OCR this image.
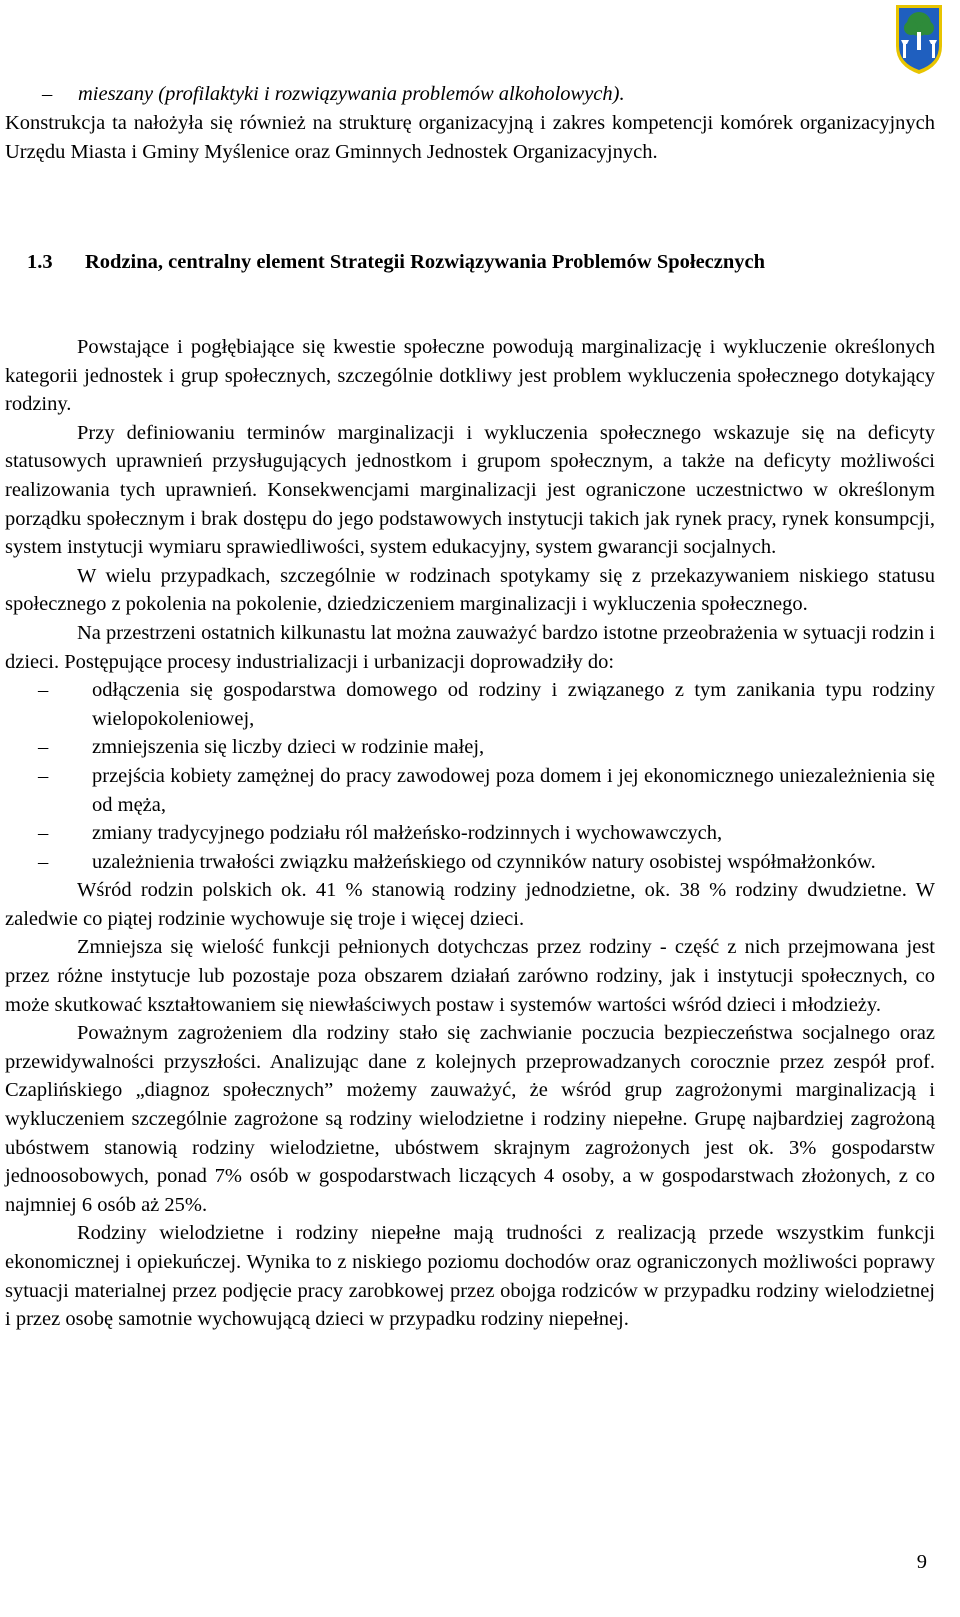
– mieszany (profilaktyki i rozwiązywania problemów alkoholowych).
Konstrukcja ta nałożyła się również na strukturę organizacyjną i zakres kompetencji komórek organizacyjnych Urzędu Miasta i Gminy Myślenice oraz Gminnych Jednostek Organizacyjnych.
1.3 Rodzina, centralny element Strategii Rozwiązywania Problemów Społecznych

Powstające i pogłębiające się kwestie społeczne powodują marginalizację i wykluczenie określonych kategorii jednostek i grup społecznych, szczególnie dotkliwy jest problem wykluczenia społecznego dotykający rodziny.

Przy definiowaniu terminów marginalizacji i wykluczenia społecznego wskazuje się na deficyty statusowych uprawnień przysługujących jednostkom i grupom społecznym, a także na deficyty możliwości realizowania tych uprawnień. Konsekwencjami marginalizacji jest ograniczone uczestnictwo w określonym porządku społecznym i brak dostępu do jego podstawowych instytucji takich jak rynek pracy, rynek konsumpcji, system instytucji wymiaru sprawiedliwości, system edukacyjny, system gwarancji socjalnych.

W wielu przypadkach, szczególnie w rodzinach spotykamy się z przekazywaniem niskiego statusu społecznego z pokolenia na pokolenie, dziedziczeniem marginalizacji i wykluczenia społecznego.

Na przestrzeni ostatnich kilkunastu lat można zauważyć bardzo istotne przeobrażenia w sytuacji rodzin i dzieci. Postępujące procesy industrializacji i urbanizacji doprowadziły do:

– odłączenia się gospodarstwa domowego od rodziny i związanego z tym zanikania typu rodziny wielopokoleniowej,
– zmniejszenia się liczby dzieci w rodzinie małej,
– przejścia kobiety zamężnej do pracy zawodowej poza domem i jej ekonomicznego uniezależnienia się od męża,
– zmiany tradycyjnego podziału ról małżeńsko-rodzinnych i wychowawczych,
– uzależnienia trwałości związku małżeńskiego od czynników natury osobistej współmałżonków.

Wśród rodzin polskich ok. 41 % stanowią rodziny jednodzietne, ok. 38 % rodziny dwudzietne. W zaledwie co piątej rodzinie wychowuje się troje i więcej dzieci.

Zmniejsza się wielość funkcji pełnionych dotychczas przez rodziny - część z nich przejmowana jest przez różne instytucje lub pozostaje poza obszarem działań zarówno rodziny, jak i instytucji społecznych, co może skutkować kształtowaniem się niewłaściwych postaw i systemów wartości wśród dzieci i młodzieży.

Poważnym zagrożeniem dla rodziny stało się zachwianie poczucia bezpieczeństwa socjalnego oraz przewidywalności przyszłości. Analizując dane z kolejnych przeprowadzanych corocznie przez zespół prof. Czaplińskiego „diagnoz społecznych” możemy zauważyć, że wśród grup zagrożonymi marginalizacją i wykluczeniem szczególnie zagrożone są rodziny wielodzietne i rodziny niepełne. Grupę najbardziej zagrożoną ubóstwem stanowią rodziny wielodzietne, ubóstwem skrajnym zagrożonych jest ok. 3% gospodarstw jednoosobowych, ponad 7% osób w gospodarstwach liczących 4 osoby, a w gospodarstwach złożonych, z co najmniej 6 osób aż 25%.

Rodziny wielodzietne i rodziny niepełne mają trudności z realizacją przede wszystkim funkcji ekonomicznej i opiekuńczej. Wynika to z niskiego poziomu dochodów oraz ograniczonych możliwości poprawy sytuacji materialnej przez podjęcie pracy zarobkowej przez obojga rodziców w przypadku rodziny wielodzietnej i przez osobę samotnie wychowującą dzieci w przypadku rodziny niepełnej.

9
